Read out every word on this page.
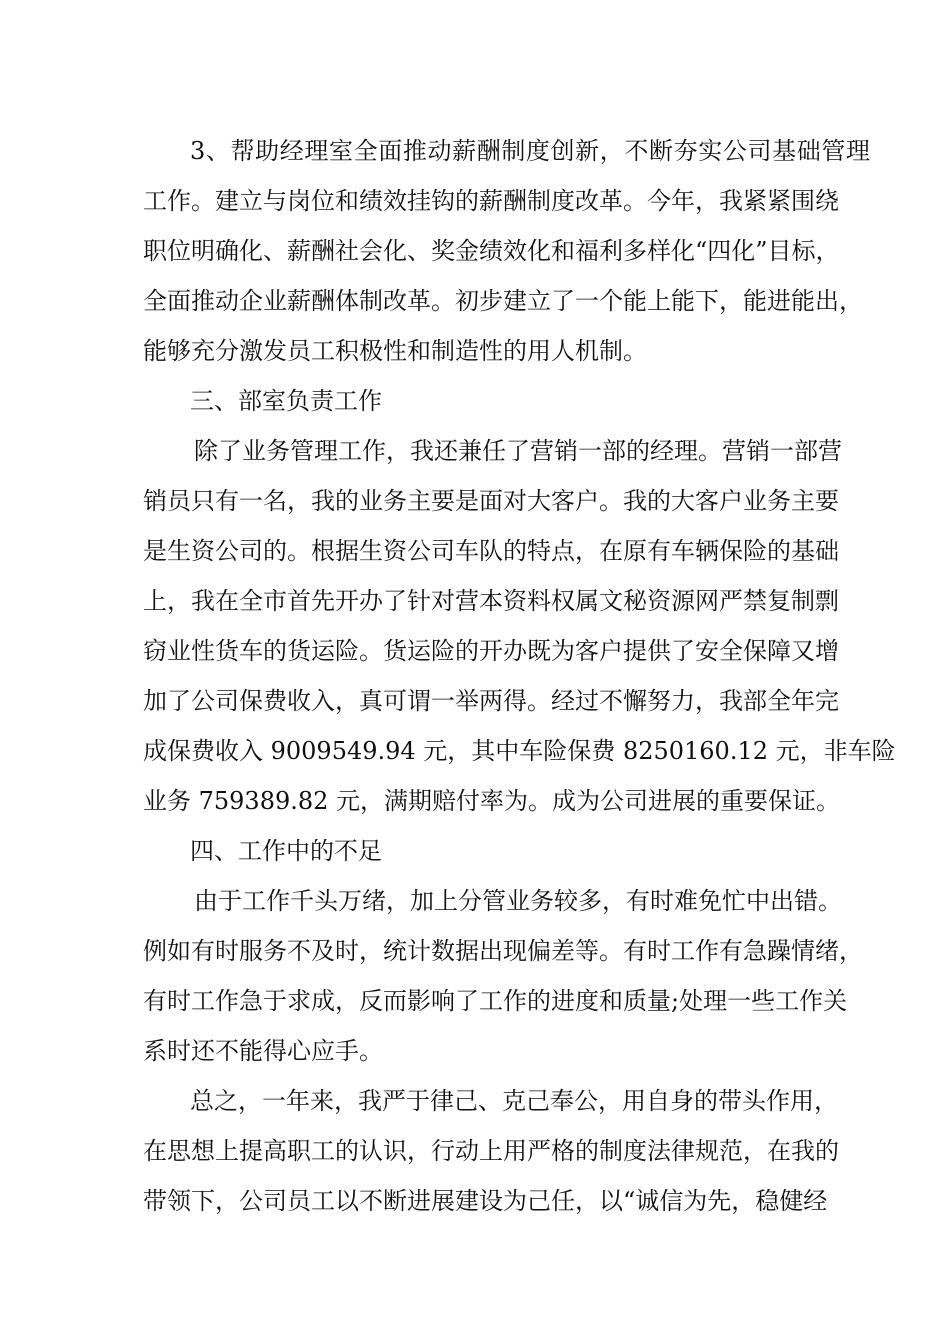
3、帮助经理室全面推动薪酬制度创新，不断夯实公司基础管理
工作。建立与岗位和绩效挂钩的薪酬制度改革。今年，我紧紧围绕
职位明确化、薪酬社会化、奖金绩效化和福利多样化“四化”目标，
全面推动企业薪酬体制改革。初步建立了一个能上能下，能进能出，
能够充分激发员工积极性和制造性的用人机制。
三、部室负责工作
除了业务管理工作，我还兼任了营销一部的经理。营销一部营
销员只有一名，我的业务主要是面对大客户。我的大客户业务主要
是生资公司的。根据生资公司车队的特点，在原有车辆保险的基础
上，我在全市首先开办了针对营本资料权属文秘资源网严禁复制剽
窃业性货车的货运险。货运险的开办既为客户提供了安全保障又增
加了公司保费收入，真可谓一举两得。经过不懈努力，我部全年完
成保费收入 9009549.94 元，其中车险保费 8250160.12 元，非车险
业务 759389.82 元，满期赔付率为。成为公司进展的重要保证。
四、工作中的不足
由于工作千头万绪，加上分管业务较多，有时难免忙中出错。
例如有时服务不及时，统计数据出现偏差等。有时工作有急躁情绪，
有时工作急于求成，反而影响了工作的进度和质量;处理一些工作关
系时还不能得心应手。
总之，一年来，我严于律己、克己奉公，用自身的带头作用，
在思想上提高职工的认识，行动上用严格的制度法律规范，在我的
带领下，公司员工以不断进展建设为己任，以“诚信为先，稳健经
